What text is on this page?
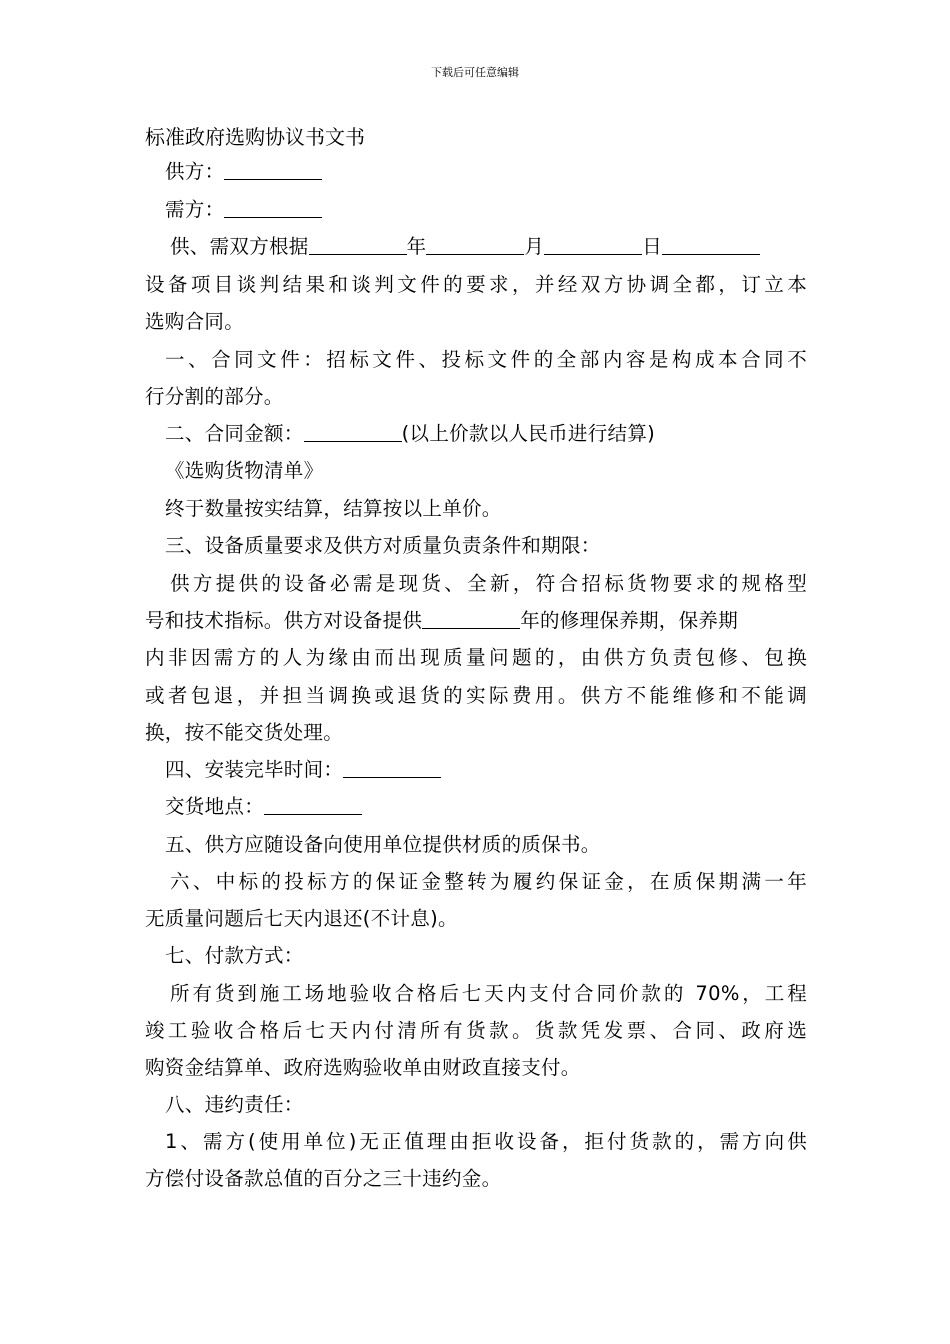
下载后可任意编辑
标准政府选购协议书文书
供方：
需方：
供、需双方根据	年	月	日
设备项目谈判结果和谈判文件的要求，并经双方协调全都，订立本
选购合同。
一、合同文件：招标文件、投标文件的全部内容是构成本合同不
行分割的部分。
二、合同金额：	(以上价款以人民币进行结算)
《选购货物清单》
终于数量按实结算，结算按以上单价。
三、设备质量要求及供方对质量负责条件和期限：
供方提供的设备必需是现货、全新，符合招标货物要求的规格型
号和技术指标。供方对设备提供	年的修理保养期，保养期
内非因需方的人为缘由而出现质量问题的，由供方负责包修、包换
或者包退，并担当调换或退货的实际费用。供方不能维修和不能调
换，按不能交货处理。
四、安装完毕时间：
交货地点：
五、供方应随设备向使用单位提供材质的质保书。
六、中标的投标方的保证金整转为履约保证金，在质保期满一年
无质量问题后七天内退还(不计息)。
七、付款方式：
所有货到施工场地验收合格后七天内支付合同价款的 70%，工程
竣工验收合格后七天内付清所有货款。货款凭发票、合同、政府选
购资金结算单、政府选购验收单由财政直接支付。
八、违约责任：
1、需方(使用单位)无正值理由拒收设备，拒付货款的，需方向供
方偿付设备款总值的百分之三十违约金。
